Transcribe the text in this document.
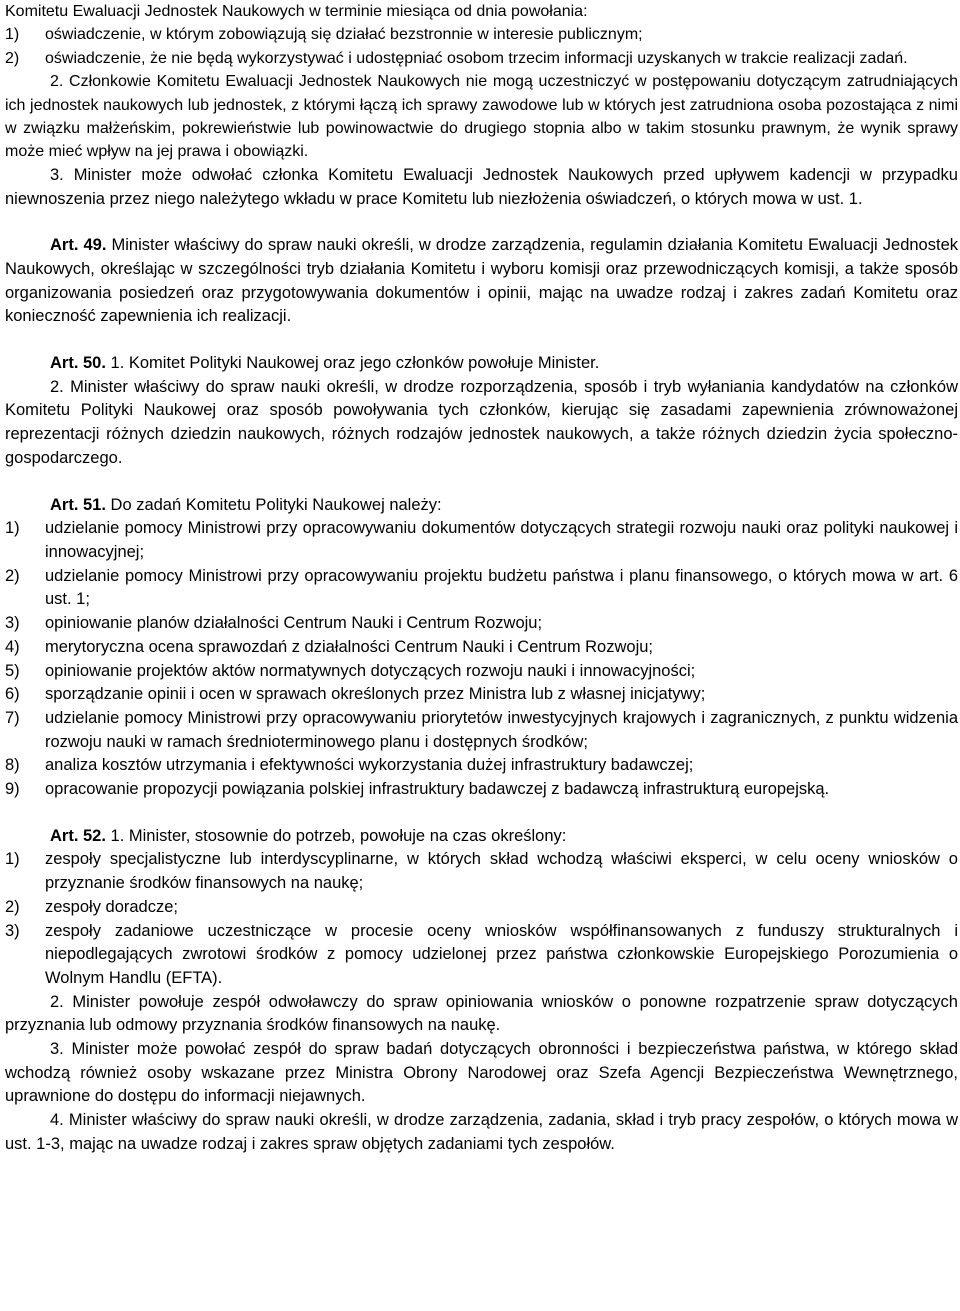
Komitetu Ewaluacji Jednostek Naukowych w terminie miesiąca od dnia powołania:

1)	oświadczenie, w którym zobowiązują się działać bezstronnie w interesie publicznym;
2)	oświadczenie, że nie będą wykorzystywać i udostępniać osobom trzecim informacji uzyskanych w trakcie realizacji zadań.

2. Członkowie Komitetu Ewaluacji Jednostek Naukowych nie mogą uczestniczyć w postępowaniu dotyczącym zatrudniających ich jednostek naukowych lub jednostek, z którymi łączą ich sprawy zawodowe lub w których jest zatrudniona osoba pozostająca z nimi w związku małżeńskim, pokrewieństwie lub powinowactwie do drugiego stopnia albo w takim stosunku prawnym, że wynik sprawy może mieć wpływ na jej prawa i obowiązki.

3. Minister może odwołać członka Komitetu Ewaluacji Jednostek Naukowych przed upływem kadencji w przypadku niewnoszenia przez niego należytego wkładu w prace Komitetu lub niezłożenia oświadczeń, o których mowa w ust. 1.

Art. 49. Minister właściwy do spraw nauki określi, w drodze zarządzenia, regulamin działania Komitetu Ewaluacji Jednostek Naukowych, określając w szczególności tryb działania Komitetu i wyboru komisji oraz przewodniczących komisji, a także sposób organizowania posiedzeń oraz przygotowywania dokumentów i opinii, mając na uwadze rodzaj i zakres zadań Komitetu oraz konieczność zapewnienia ich realizacji.

Art. 50. 1. Komitet Polityki Naukowej oraz jego członków powołuje Minister.

2. Minister właściwy do spraw nauki określi, w drodze rozporządzenia, sposób i tryb wyłaniania kandydatów na członków Komitetu Polityki Naukowej oraz sposób powoływania tych członków, kierując się zasadami zapewnienia zrównoważonej reprezentacji różnych dziedzin naukowych, różnych rodzajów jednostek naukowych, a także różnych dziedzin życia społeczno-gospodarczego.

Art. 51. Do zadań Komitetu Polityki Naukowej należy:

1)	udzielanie pomocy Ministrowi przy opracowywaniu dokumentów dotyczących strategii rozwoju nauki oraz polityki naukowej i innowacyjnej;
2)	udzielanie pomocy Ministrowi przy opracowywaniu projektu budżetu państwa i planu finansowego, o których mowa w art. 6 ust. 1;
3)	opiniowanie planów działalności Centrum Nauki i Centrum Rozwoju;
4)	merytoryczna ocena sprawozdań z działalności Centrum Nauki i Centrum Rozwoju;
5)	opiniowanie projektów aktów normatywnych dotyczących rozwoju nauki i innowacyjności;
6)	sporządzanie opinii i ocen w sprawach określonych przez Ministra lub z własnej inicjatywy;
7)	udzielanie pomocy Ministrowi przy opracowywaniu priorytetów inwestycyjnych krajowych i zagranicznych, z punktu widzenia rozwoju nauki w ramach średnioterminowego planu i dostępnych środków;
8)	analiza kosztów utrzymania i efektywności wykorzystania dużej infrastruktury badawczej;
9)	opracowanie propozycji powiązania polskiej infrastruktury badawczej z badawczą infrastrukturą europejską.

Art. 52. 1. Minister, stosownie do potrzeb, powołuje na czas określony:

1)	zespoły specjalistyczne lub interdyscyplinarne, w których skład wchodzą właściwi eksperci, w celu oceny wniosków o przyznanie środków finansowych na naukę;
2)	zespoły doradcze;
3)	zespoły zadaniowe uczestniczące w procesie oceny wniosków współfinansowanych z funduszy strukturalnych i niepodlegających zwrotowi środków z pomocy udzielonej przez państwa członkowskie Europejskiego Porozumienia o Wolnym Handlu (EFTA).

2. Minister powołuje zespół odwoławczy do spraw opiniowania wniosków o ponowne rozpatrzenie spraw dotyczących przyznania lub odmowy przyznania środków finansowych na naukę.

3. Minister może powołać zespół do spraw badań dotyczących obronności i bezpieczeństwa państwa, w którego skład wchodzą również osoby wskazane przez Ministra Obrony Narodowej oraz Szefa Agencji Bezpieczeństwa Wewnętrznego, uprawnione do dostępu do informacji niejawnych.

4. Minister właściwy do spraw nauki określi, w drodze zarządzenia, zadania, skład i tryb pracy zespołów, o których mowa w ust. 1-3, mając na uwadze rodzaj i zakres spraw objętych zadaniami tych zespołów.
